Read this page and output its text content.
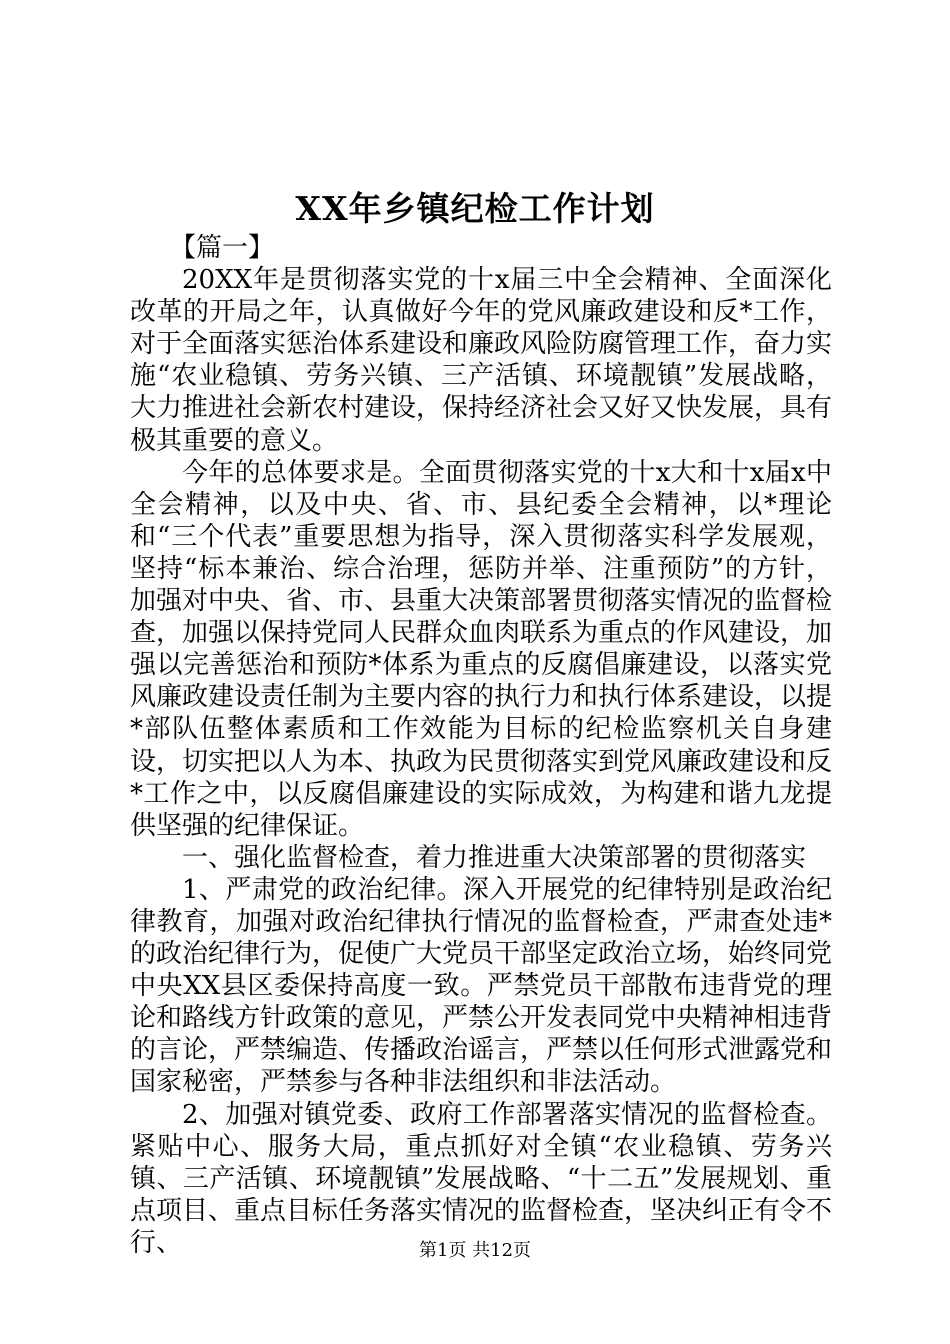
XX年乡镇纪检工作计划

【篇一】

20XX年是贯彻落实党的十x届三中全会精神、全面深化改革的开局之年，认真做好今年的党风廉政建设和反*工作，对于全面落实惩治体系建设和廉政风险防腐管理工作，奋力实施“农业稳镇、劳务兴镇、三产活镇、环境靓镇”发展战略，大力推进社会新农村建设，保持经济社会又好又快发展，具有极其重要的意义。

今年的总体要求是。全面贯彻落实党的十x大和十x届x中全会精神，以及中央、省、市、县纪委全会精神，以*理论和“三个代表”重要思想为指导，深入贯彻落实科学发展观，坚持“标本兼治、综合治理，惩防并举、注重预防”的方针，加强对中央、省、市、县重大决策部署贯彻落实情况的监督检查，加强以保持党同人民群众血肉联系为重点的作风建设，加强以完善惩治和预防*体系为重点的反腐倡廉建设，以落实党风廉政建设责任制为主要内容的执行力和执行体系建设，以提*部队伍整体素质和工作效能为目标的纪检监察机关自身建设，切实把以人为本、执政为民贯彻落实到党风廉政建设和反*工作之中，以反腐倡廉建设的实际成效，为构建和谐九龙提供坚强的纪律保证。

一、强化监督检查，着力推进重大决策部署的贯彻落实

1、严肃党的政治纪律。深入开展党的纪律特别是政治纪律教育，加强对政治纪律执行情况的监督检查，严肃查处违*的政治纪律行为，促使广大党员干部坚定政治立场，始终同党中央XX县区委保持高度一致。严禁党员干部散布违背党的理论和路线方针政策的意见，严禁公开发表同党中央精神相违背的言论，严禁编造、传播政治谣言，严禁以任何形式泄露党和国家秘密，严禁参与各种非法组织和非法活动。

2、加强对镇党委、政府工作部署落实情况的监督检查。紧贴中心、服务大局，重点抓好对全镇“农业稳镇、劳务兴镇、三产活镇、环境靓镇”发展战略、“十二五”发展规划、重点项目、重点目标任务落实情况的监督检查，坚决纠正有令不行、	第1页 共12页
